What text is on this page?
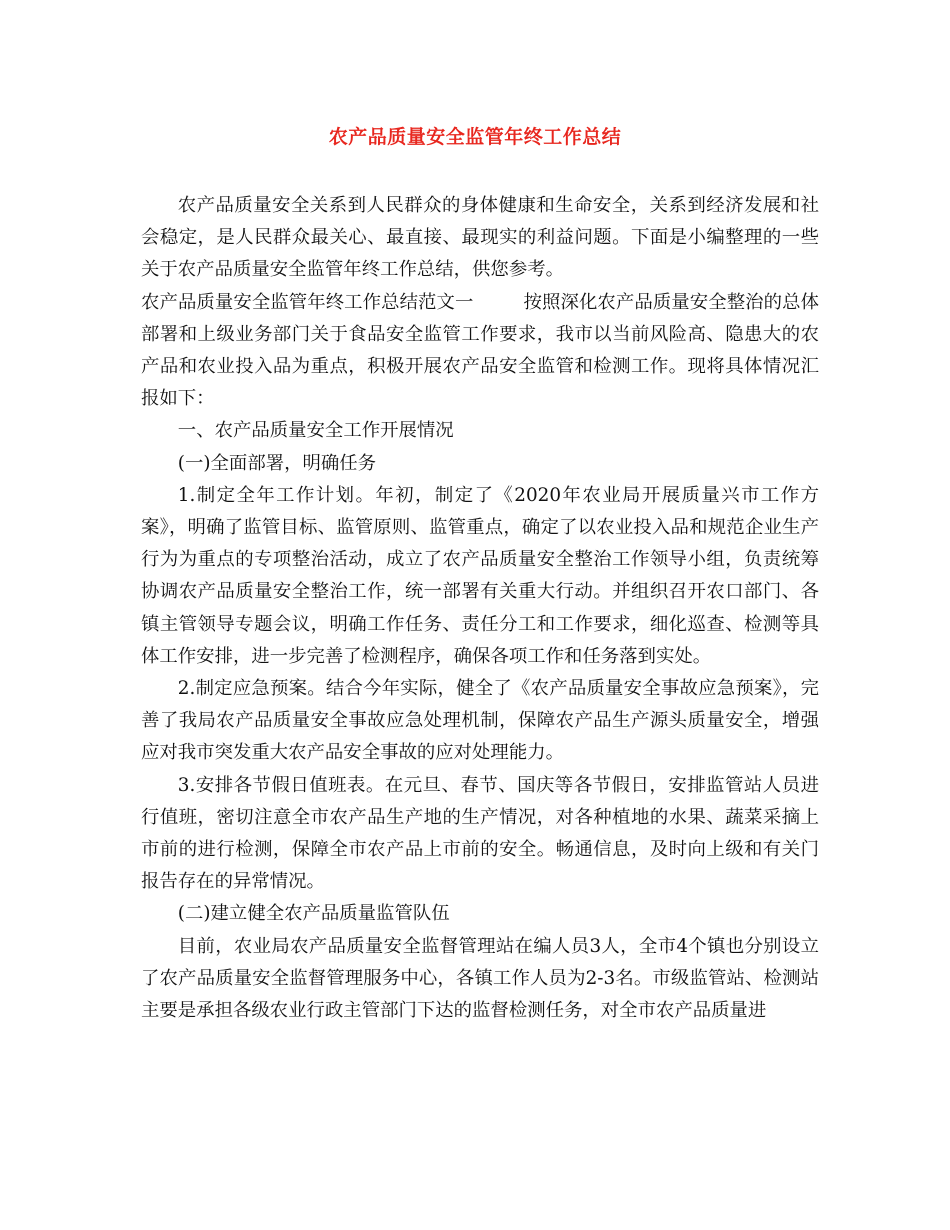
农产品质量安全监管年终工作总结

农产品质量安全关系到人民群众的身体健康和生命安全，关系到经济发展和社会稳定，是人民群众最关心、最直接、最现实的利益问题。下面是小编整理的一些关于农产品质量安全监管年终工作总结，供您参考。

农产品质量安全监管年终工作总结范文一	按照深化农产品质量安全整治的总体部署和上级业务部门关于食品安全监管工作要求，我市以当前风险高、隐患大的农产品和农业投入品为重点，积极开展农产品安全监管和检测工作。现将具体情况汇报如下：

一、农产品质量安全工作开展情况

(一)全面部署，明确任务

1.制定全年工作计划。年初，制定了《2020年农业局开展质量兴市工作方案》，明确了监管目标、监管原则、监管重点，确定了以农业投入品和规范企业生产行为为重点的专项整治活动，成立了农产品质量安全整治工作领导小组，负责统筹协调农产品质量安全整治工作，统一部署有关重大行动。并组织召开农口部门、各镇主管领导专题会议，明确工作任务、责任分工和工作要求，细化巡查、检测等具体工作安排，进一步完善了检测程序，确保各项工作和任务落到实处。

2.制定应急预案。结合今年实际，健全了《农产品质量安全事故应急预案》，完善了我局农产品质量安全事故应急处理机制，保障农产品生产源头质量安全，增强应对我市突发重大农产品安全事故的应对处理能力。

3.安排各节假日值班表。在元旦、春节、国庆等各节假日，安排监管站人员进行值班，密切注意全市农产品生产地的生产情况，对各种植地的水果、蔬菜采摘上市前的进行检测，保障全市农产品上市前的安全。畅通信息，及时向上级和有关门报告存在的异常情况。

(二)建立健全农产品质量监管队伍

目前，农业局农产品质量安全监督管理站在编人员3人，全市4个镇也分别设立了农产品质量安全监督管理服务中心，各镇工作人员为2-3名。市级监管站、检测站主要是承担各级农业行政主管部门下达的监督检测任务，对全市农产品质量进
